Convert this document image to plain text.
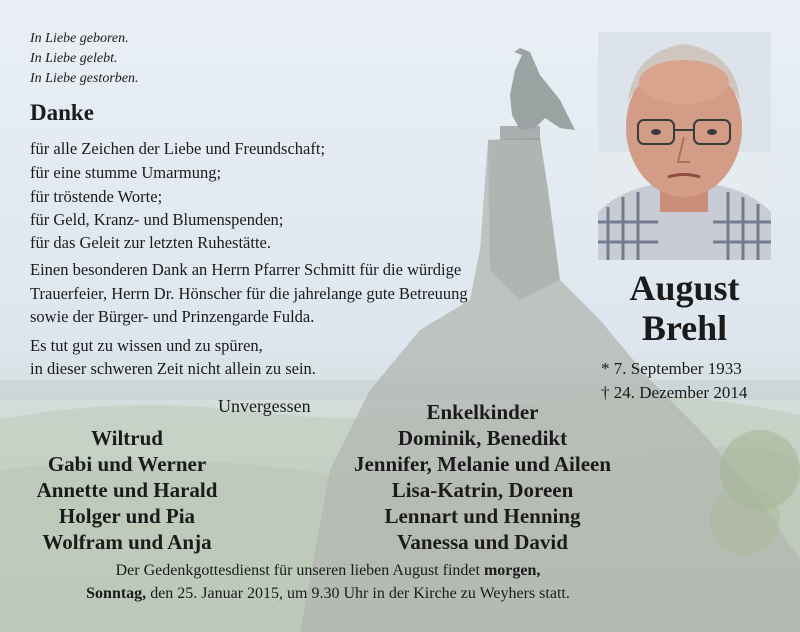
In Liebe geboren.
In Liebe gelebt.
In Liebe gestorben.
Danke
für alle Zeichen der Liebe und Freundschaft;
für eine stumme Umarmung;
für tröstende Worte;
für Geld, Kranz- und Blumenspenden;
für das Geleit zur letzten Ruhestätte.
Einen besonderen Dank an Herrn Pfarrer Schmitt für die würdige
Trauerfeier, Herrn Dr. Hönscher für die jahrelange gute Betreuung
sowie der Bürger- und Prinzengarde Fulda.
Es tut gut zu wissen und zu spüren,
in dieser schweren Zeit nicht allein zu sein.
August
Brehl
* 7. September 1933
† 24. Dezember 2014
Unvergessen
Wiltrud
Gabi und Werner
Annette und Harald
Holger und Pia
Wolfram und Anja
Enkelkinder
Dominik, Benedikt
Jennifer, Melanie und Aileen
Lisa-Katrin, Doreen
Lennart und Henning
Vanessa und David
Der Gedenkgottesdienst für unseren lieben August findet morgen,
Sonntag, den 25. Januar 2015, um 9.30 Uhr in der Kirche zu Weyhers statt.
